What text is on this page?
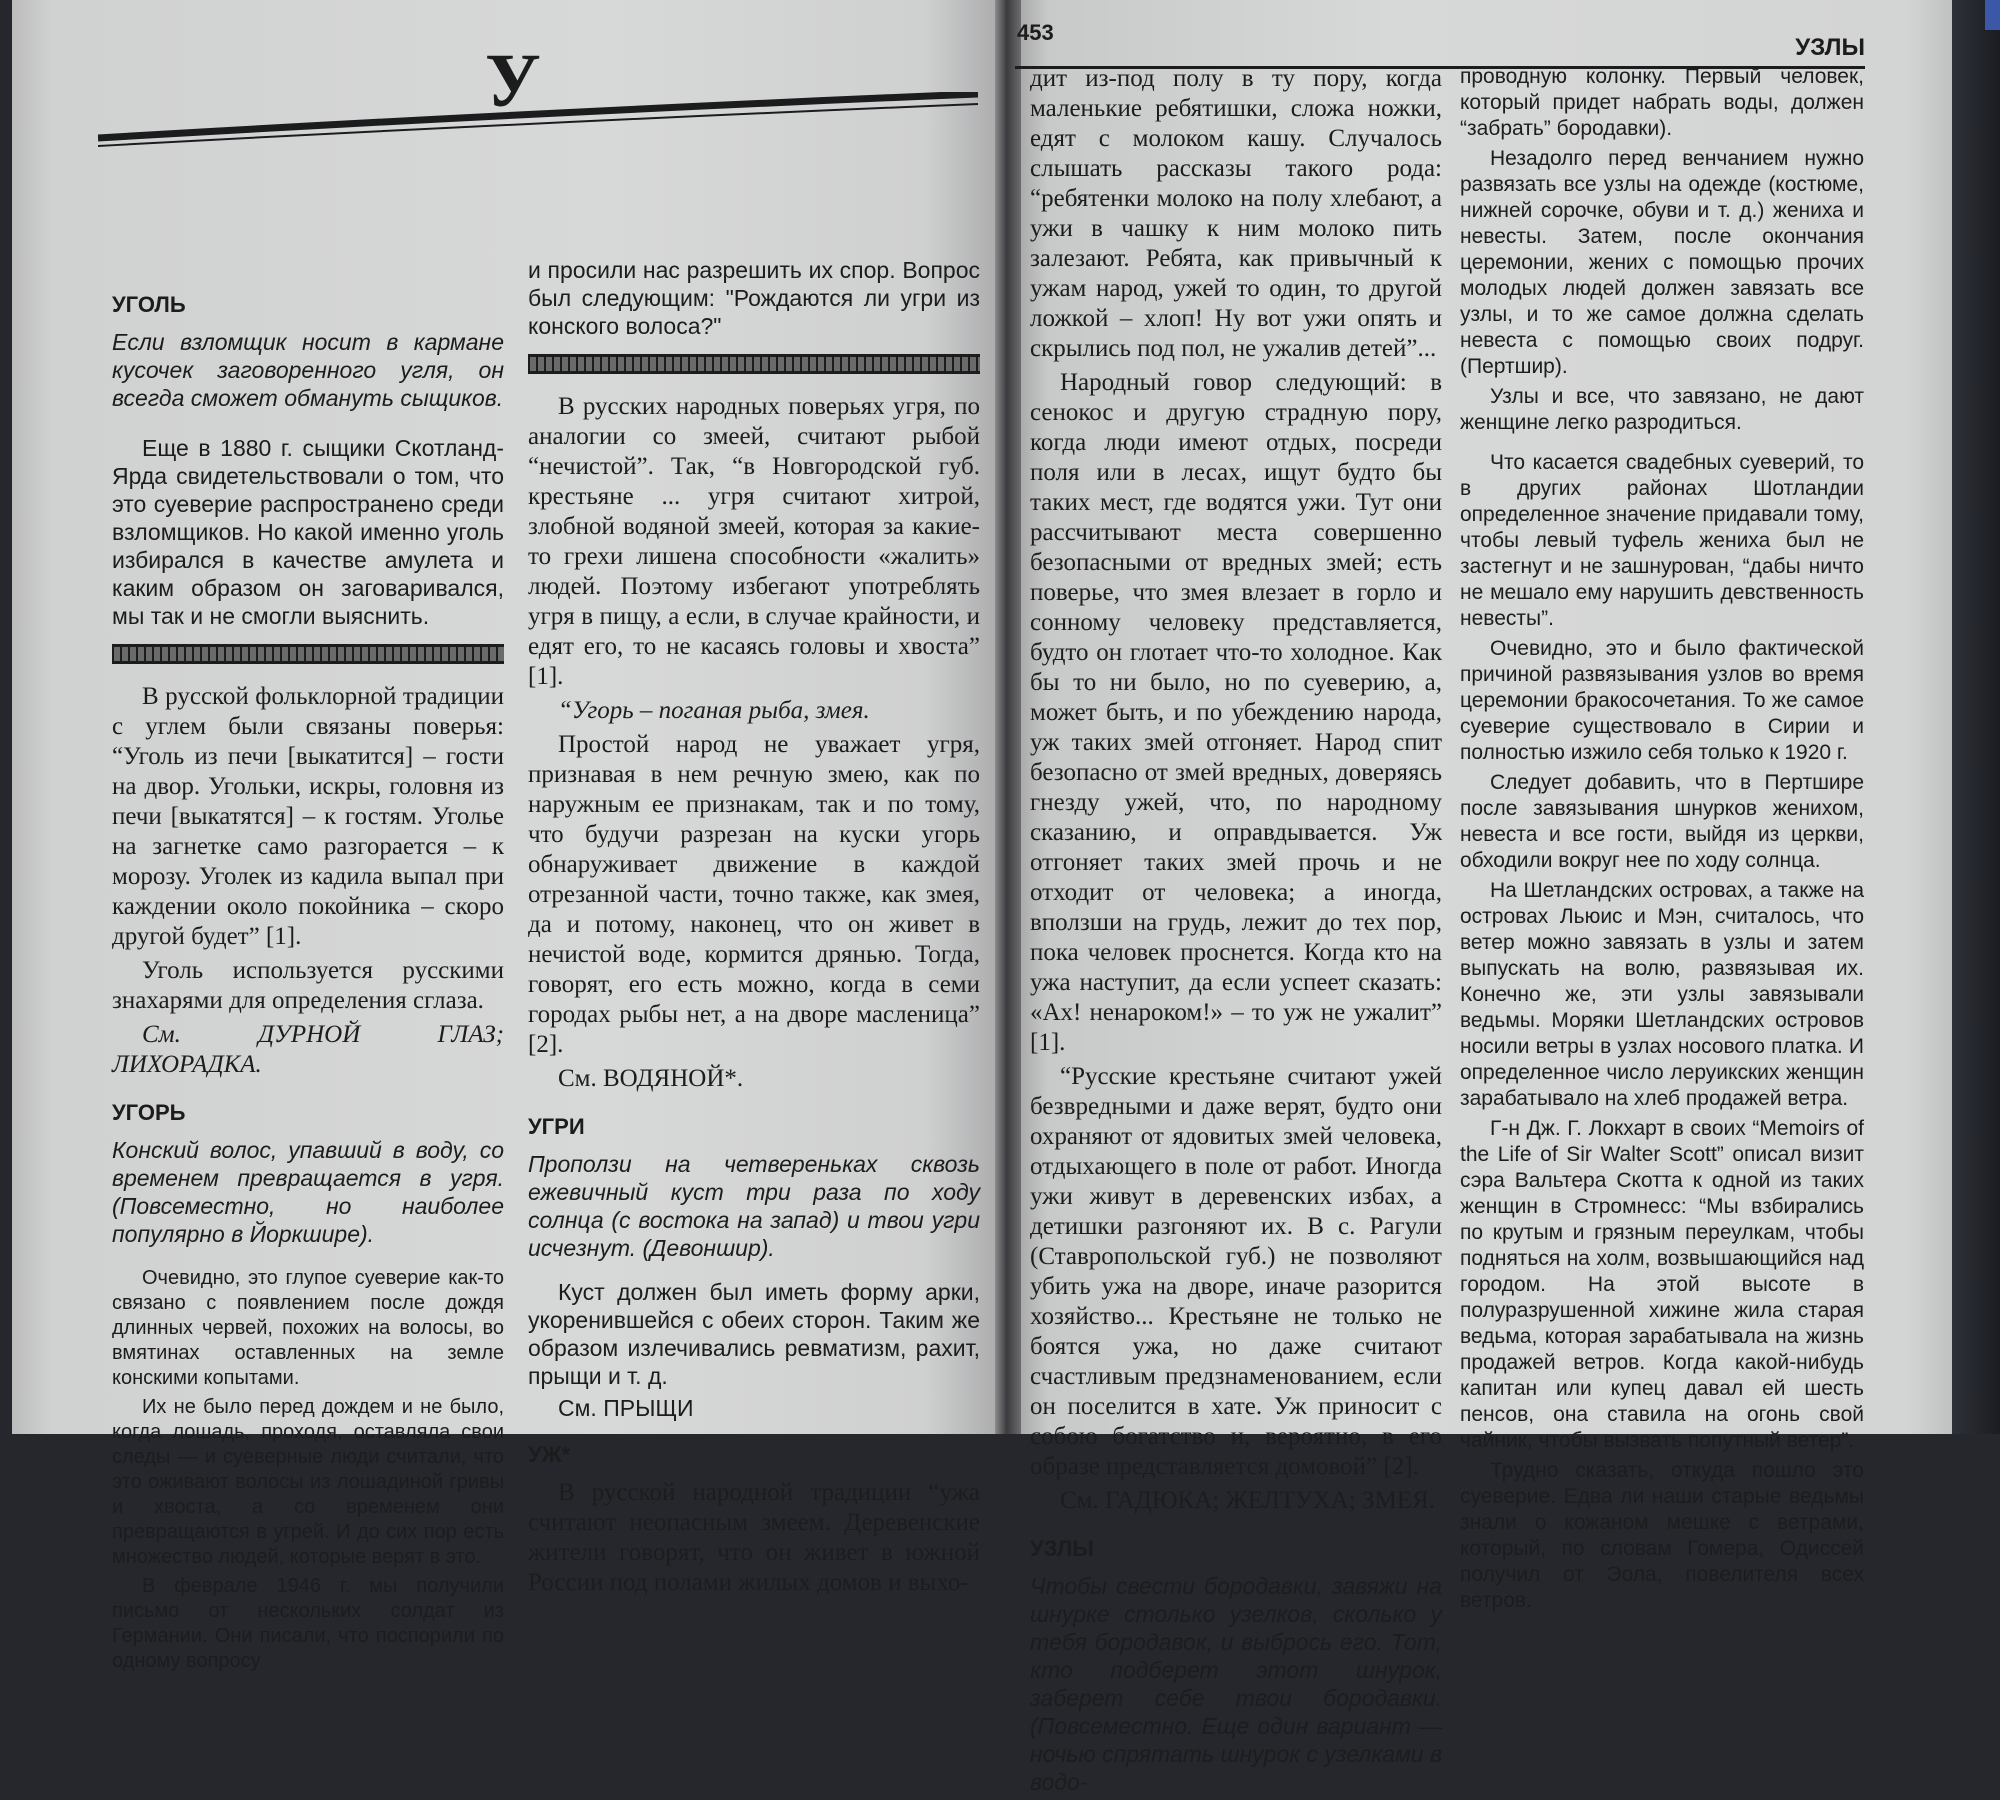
У
УГОЛЬ

Если взломщик носит в кармане кусочек заговоренного угля, он всегда сможет обмануть сыщиков.

Еще в 1880 г. сыщики Скотланд-Ярда свидетельствовали о том, что это суеверие распространено среди взломщиков. Но какой именно уголь избирался в качестве амулета и каким образом он заговаривался, мы так и не смогли выяснить.

В русской фольклорной традиции с углем были связаны поверья: “Уголь из печи [выкатится] – гости на двор. Угольки, искры, головня из печи [выкатятся] – к гостям. Уголье на загнетке само разгорается – к морозу. Уголек из кадила выпал при каждении около покойника – скоро другой будет” [1].

Уголь используется русскими знахарями для определения сглаза.

См. ДУРНОЙ ГЛАЗ; ЛИХОРАДКА.

УГОРЬ

Конский волос, упавший в воду, со временем превращается в угря. (Повсеместно, но наиболее популярно в Йоркшире).

Очевидно, это глупое суеверие как-то связано с появлением после дождя длинных червей, похожих на волосы, во вмятинах оставленных на земле конскими копытами.

Их не было перед дождем и не было, когда лошадь, проходя, оставляла свои следы — и суеверные люди считали, что это оживают волосы из лошадиной гривы и хвоста, а со временем они превращаются в угрей. И до сих пор есть множество людей, которые верят в это.

В феврале 1946 г. мы получили письмо от нескольких солдат из Германии. Они писали, что поспорили по одному вопросу

и просили нас разрешить их спор. Вопрос был следующим: "Рождаются ли угри из конского волоса?"

В русских народных поверьях угря, по аналогии со змеей, считают рыбой “нечистой”. Так, “в Новгородской губ. крестьяне ... угря считают хитрой, злобной водяной змеей, которая за какие-то грехи лишена способности «жалить» людей. Поэтому избегают употреблять угря в пищу, а если, в случае крайности, и едят его, то не касаясь головы и хвоста” [1].

“Угорь – поганая рыба, змея.

Простой народ не уважает угря, признавая в нем речную змею, как по наружным ее признакам, так и по тому, что будучи разрезан на куски угорь обнаруживает движение в каждой отрезанной части, точно также, как змея, да и потому, наконец, что он живет в нечистой воде, кормится дрянью. Тогда, говорят, его есть можно, когда в семи городах рыбы нет, а на дворе масленица” [2].

См. ВОДЯНОЙ*.

УГРИ

Проползи на четвереньках сквозь ежевичный куст три раза по ходу солнца (с востока на запад) и твои угри исчезнут. (Девоншир).

Куст должен был иметь форму арки, укоренившейся с обеих сторон. Таким же образом излечивались ревматизм, рахит, прыщи и т. д.

См. ПРЫЩИ

УЖ*

В русской народной традиции “ужа считают неопасным змеем. Деревенские жители говорят, что он живет в южной России под полами жилых домов и выхо-

453
УЗЛЫ

дит из-под полу в ту пору, когда маленькие ребятишки, сложа ножки, едят с молоком кашу. Случалось слышать рассказы такого рода: “ребятенки молоко на полу хлебают, а ужи в чашку к ним молоко пить залезают. Ребята, как привычный к ужам народ, ужей то один, то другой ложкой – хлоп! Ну вот ужи опять и скрылись под пол, не ужалив детей”...

Народный говор следующий: в сенокос и другую страдную пору, когда люди имеют отдых, посреди поля или в лесах, ищут будто бы таких мест, где водятся ужи. Тут они рассчитывают места совершенно безопасными от вредных змей; есть поверье, что змея влезает в горло и сонному человеку представляется, будто он глотает что-то холодное. Как бы то ни было, но по суеверию, а, может быть, и по убеждению народа, уж таких змей отгоняет. Народ спит безопасно от змей вредных, доверяясь гнезду ужей, что, по народному сказанию, и оправдывается. Уж отгоняет таких змей прочь и не отходит от человека; а иногда, вползши на грудь, лежит до тех пор, пока человек проснется. Когда кто на ужа наступит, да если успеет сказать: «Ах! ненароком!» – то уж не ужалит” [1].

“Русские крестьяне считают ужей безвредными и даже верят, будто они охраняют от ядовитых змей человека, отдыхающего в поле от работ. Иногда ужи живут в деревенских избах, а детишки разгоняют их. В с. Рагули (Ставропольской губ.) не позволяют убить ужа на дворе, иначе разорится хозяйство... Крестьяне не только не боятся ужа, но даже считают счастливым предзнаменованием, если он поселится в хате. Уж приносит с собою богатство и, вероятно, в его образе представляется домовой” [2].

См. ГАДЮКА; ЖЕЛТУХА; ЗМЕЯ.

УЗЛЫ

Чтобы свести бородавки, завяжи на шнурке столько узелков, сколько у тебя бородавок, и выбрось его. Тот, кто подберет этот шнурок, заберет себе твои бородавки. (Повсеместно. Еще один вариант — ночью спрятать шнурок с узелками в водо-

проводную колонку. Первый человек, который придет набрать воды, должен “забрать” бородавки).

Незадолго перед венчанием нужно развязать все узлы на одежде (костюме, нижней сорочке, обуви и т. д.) жениха и невесты. Затем, после окончания церемонии, жених с помощью прочих молодых людей должен завязать все узлы, и то же самое должна сделать невеста с помощью своих подруг. (Пертшир).

Узлы и все, что завязано, не дают женщине легко разродиться.

Что касается свадебных суеверий, то в других районах Шотландии определенное значение придавали тому, чтобы левый туфель жениха был не застегнут и не зашнурован, “дабы ничто не мешало ему нарушить девственность невесты”.

Очевидно, это и было фактической причиной развязывания узлов во время церемонии бракосочетания. То же самое суеверие существовало в Сирии и полностью изжило себя только к 1920 г.

Следует добавить, что в Пертшире после завязывания шнурков женихом, невеста и все гости, выйдя из церкви, обходили вокруг нее по ходу солнца.

На Шетландских островах, а также на островах Льюис и Мэн, считалось, что ветер можно завязать в узлы и затем выпускать на волю, развязывая их. Конечно же, эти узлы завязывали ведьмы. Моряки Шетландских островов носили ветры в узлах носового платка. И определенное число леруикских женщин зарабатывало на хлеб продажей ветра.

Г-н Дж. Г. Локхарт в своих “Memoirs of the Life of Sir Walter Scott” описал визит сэра Вальтера Скотта к одной из таких женщин в Стромнесс: “Мы взбирались по крутым и грязным переулкам, чтобы подняться на холм, возвышающийся над городом. На этой высоте в полуразрушенной хижине жила старая ведьма, которая зарабатывала на жизнь продажей ветров. Когда какой-нибудь капитан или купец давал ей шесть пенсов, она ставила на огонь свой чайник, чтобы вызвать попутный ветер”.

Трудно сказать, откуда пошло это суеверие. Едва ли наши старые ведьмы знали о кожаном мешке с ветрами, который, по словам Гомера, Одиссей получил от Эола, повелителя всех ветров.
